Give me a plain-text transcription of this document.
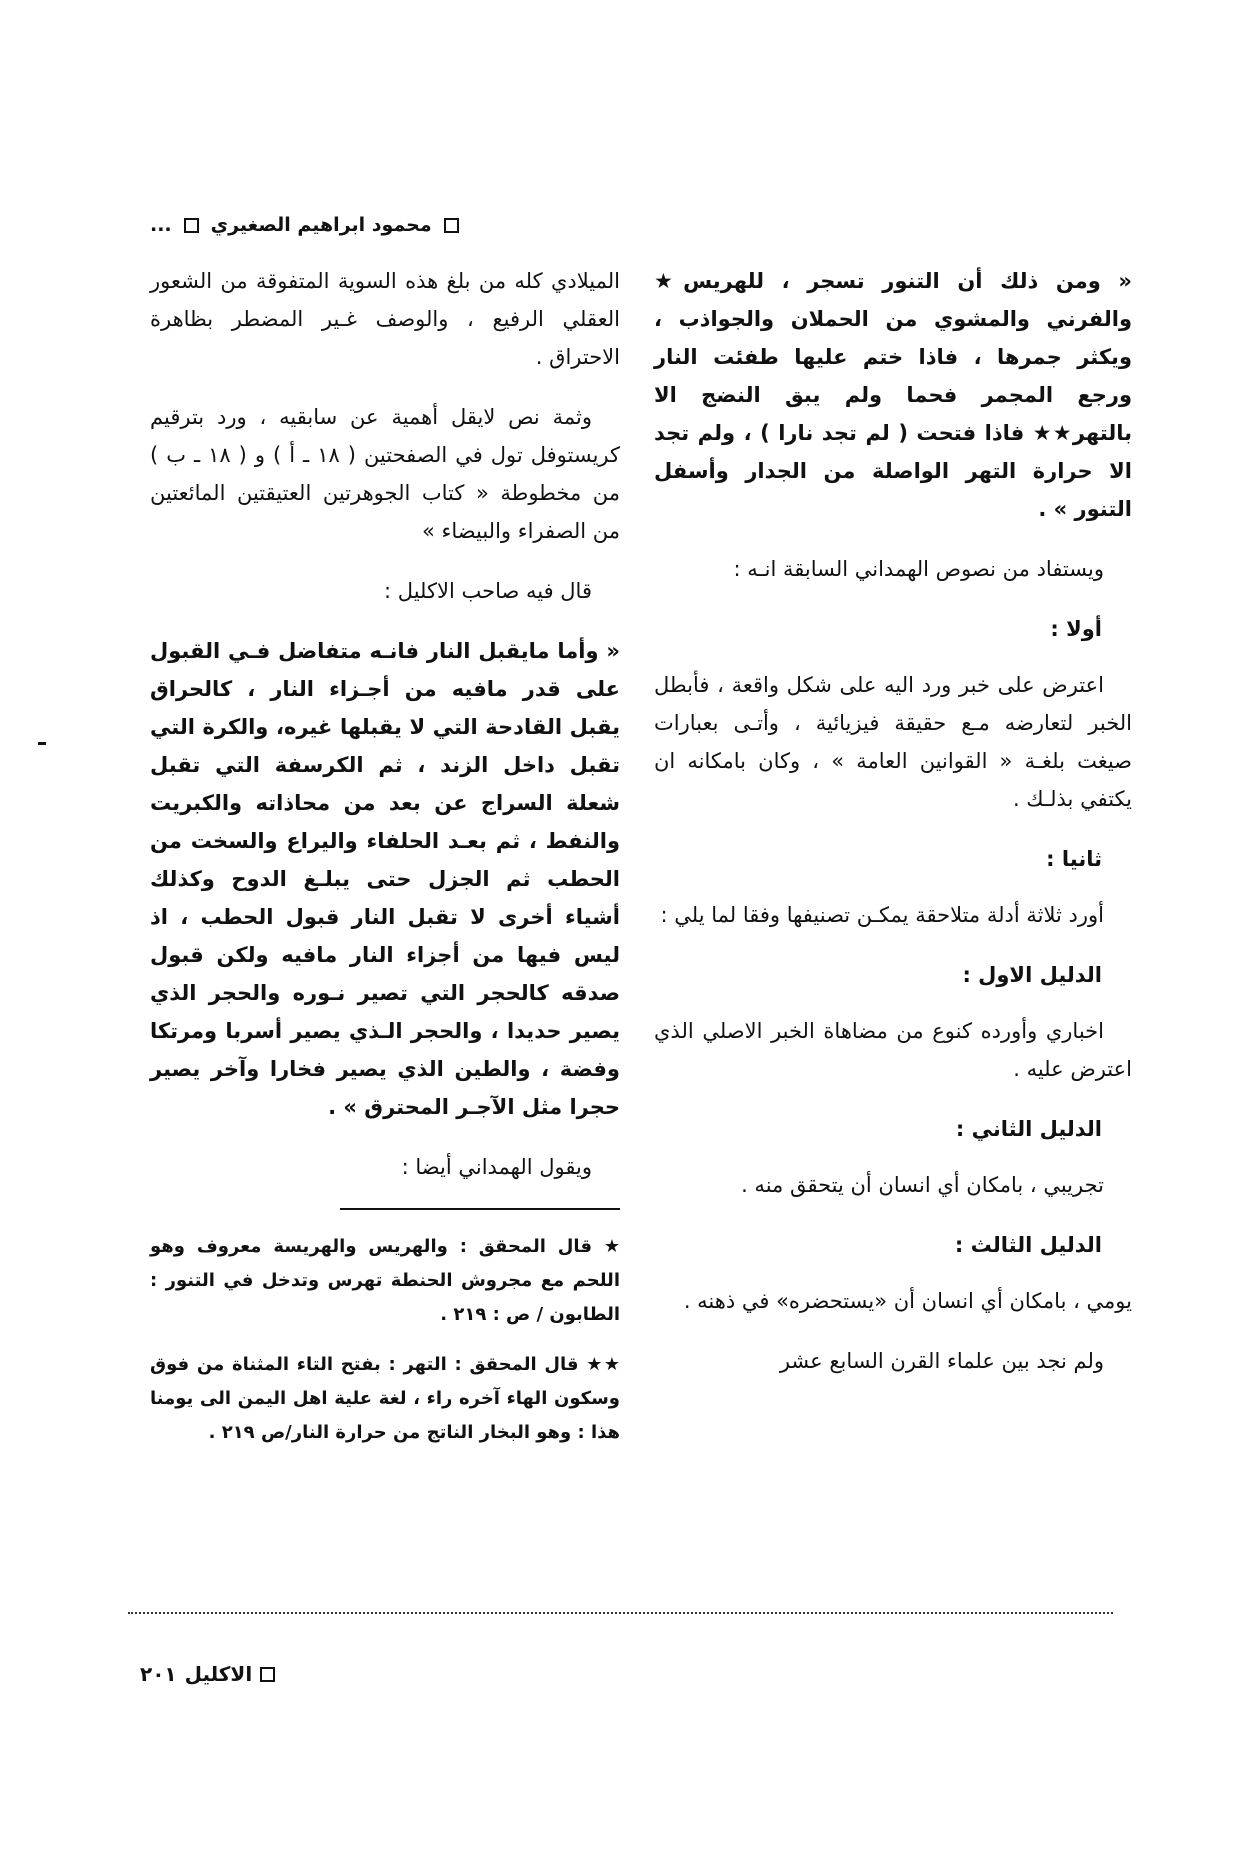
محمود ابراهيم الصغيري
...

« ومن ذلك أن التنور تسجر ، للهريس★ والفرني والمشوي من الحملان والجواذب ، ويكثر جمرها ، فاذا ختم عليها طفئت النار ورجع المجمر فحما ولم يبق النضج الا بالتهر★★ فاذا فتحت ( لم تجد نارا ) ، ولم تجد الا حرارة التهر الواصلة من الجدار وأسفل التنور » .

ويستفاد من نصوص الهمداني السابقة انـه :

أولا :

اعترض على خبر ورد اليه على شكل واقعة ، فأبطل الخبر لتعارضه مـع حقيقة فيزيائية ، وأتـى بعبارات صيغت بلغـة « القوانين العامة » ، وكان بامكانه ان يكتفي بذلـك .

ثانيا :

أورد ثلاثة أدلة متلاحقة يمكـن تصنيفها وفقا لما يلي :

الدليل الاول :

اخباري وأورده كنوع من مضاهاة الخبر الاصلي الذي اعترض عليه .

الدليل الثاني :

تجريبي ، بامكان أي انسان أن يتحقق منه .

الدليل الثالث :

يومي ، بامكان أي انسان أن «يستحضره» في ذهنه .

ولم نجد بين علماء القرن السابع عشر

الميلادي كله من بلغ هذه السوية المتفوقة من الشعور العقلي الرفيع ، والوصف غـير المضطر بظاهرة الاحتراق .

وثمة نص لايقل أهمية عن سابقيه ، ورد بترقيم كريستوفل تول في الصفحتين ( ١٨ ـ أ ) و ( ١٨ ـ ب ) من مخطوطة « كتاب الجوهرتين العتيقتين المائعتين من الصفراء والبيضاء »

قال فيه صاحب الاكليل :

« وأما مايقبل النار فانـه متفاضل فـي القبول على قدر مافيه من أجـزاء النار ، كالحراق يقبل القادحة التي لا يقبلها غيره، والكرة التي تقبل داخل الزند ، ثم الكرسفة التي تقبل شعلة السراج عن بعد من محاذاته والكبريت والنفط ، ثم بعـد الحلفاء واليراع والسخت من الحطب ثم الجزل حتى يبلـغ الدوح وكذلك أشياء أخرى لا تقبل النار قبول الحطب ، اذ ليس فيها من أجزاء النار مافيه ولكن قبول صدقه كالحجر التي تصير نـوره والحجر الذي يصير حديدا ، والحجر الـذي يصير أسربا ومرتكا وفضة ، والطين الذي يصير فخارا وآخر يصير حجرا مثل الآجـر المحترق » .

ويقول الهمداني أيضا :

★ قال المحقق : والهريس والهريسة معروف وهو اللحم مع مجروش الحنطة تهرس وتدخل في التنور : الطابون / ص : ٢١٩ .

★★ قال المحقق : التهر : بفتح التاء المثناة من فوق وسكون الهاء آخره راء ، لغة علية اهل اليمن الى يومنا هذا : وهو البخار الناتج من حرارة النار/ص ٢١٩ .

الاكليل
٢٠١
